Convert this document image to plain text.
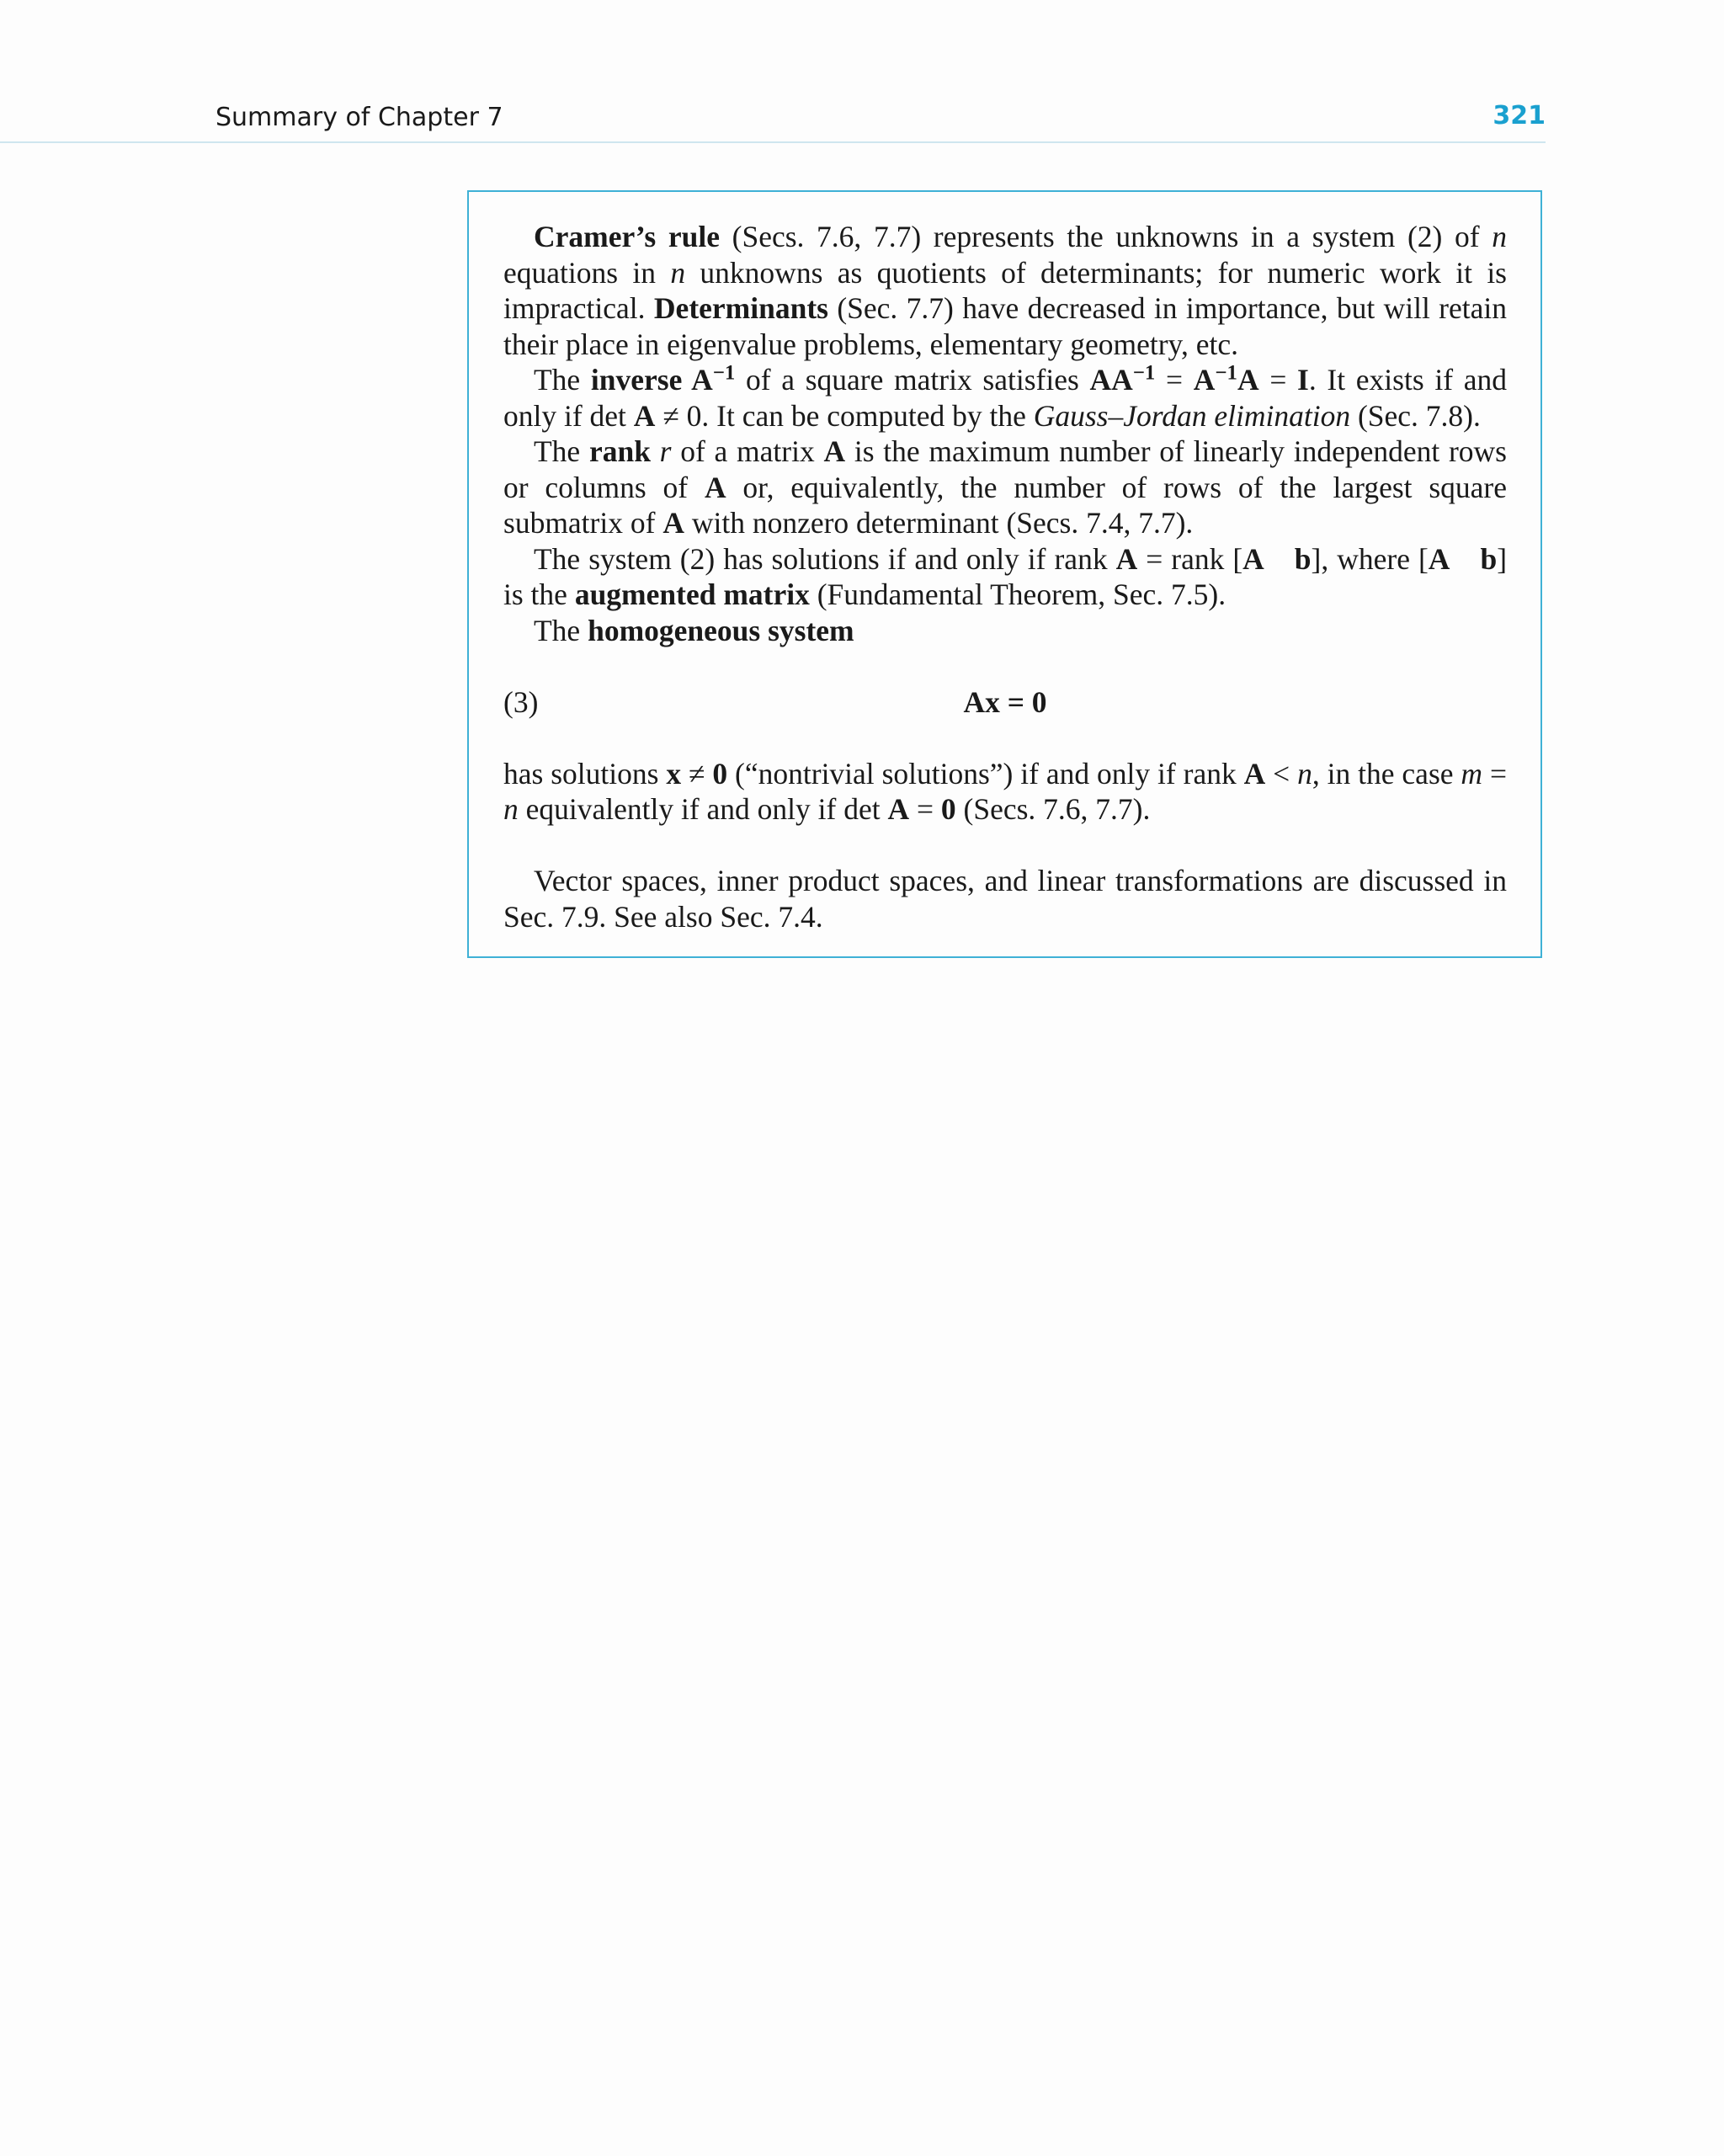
Summary of Chapter 7	321

Cramer’s rule (Secs. 7.6, 7.7) represents the unknowns in a system (2) of n equations in n unknowns as quotients of determinants; for numeric work it is impractical. Determinants (Sec. 7.7) have decreased in importance, but will retain their place in eigenvalue problems, elementary geometry, etc.

The inverse $A^{-1}$ of a square matrix satisfies $AA^{-1} = A^{-1}A = I$. It exists if and only if det A ≠ 0. It can be computed by the Gauss–Jordan elimination (Sec. 7.8).

The rank r of a matrix A is the maximum number of linearly independent rows or columns of A or, equivalently, the number of rows of the largest square submatrix of A with nonzero determinant (Secs. 7.4, 7.7).

The system (2) has solutions if and only if rank A = rank [A b], where [A b] is the augmented matrix (Fundamental Theorem, Sec. 7.5).

The homogeneous system

(3)	Ax = 0

has solutions x ≠ 0 (“nontrivial solutions”) if and only if rank A < n, in the case m = n equivalently if and only if det A = 0 (Secs. 7.6, 7.7).

Vector spaces, inner product spaces, and linear transformations are discussed in Sec. 7.9. See also Sec. 7.4.
